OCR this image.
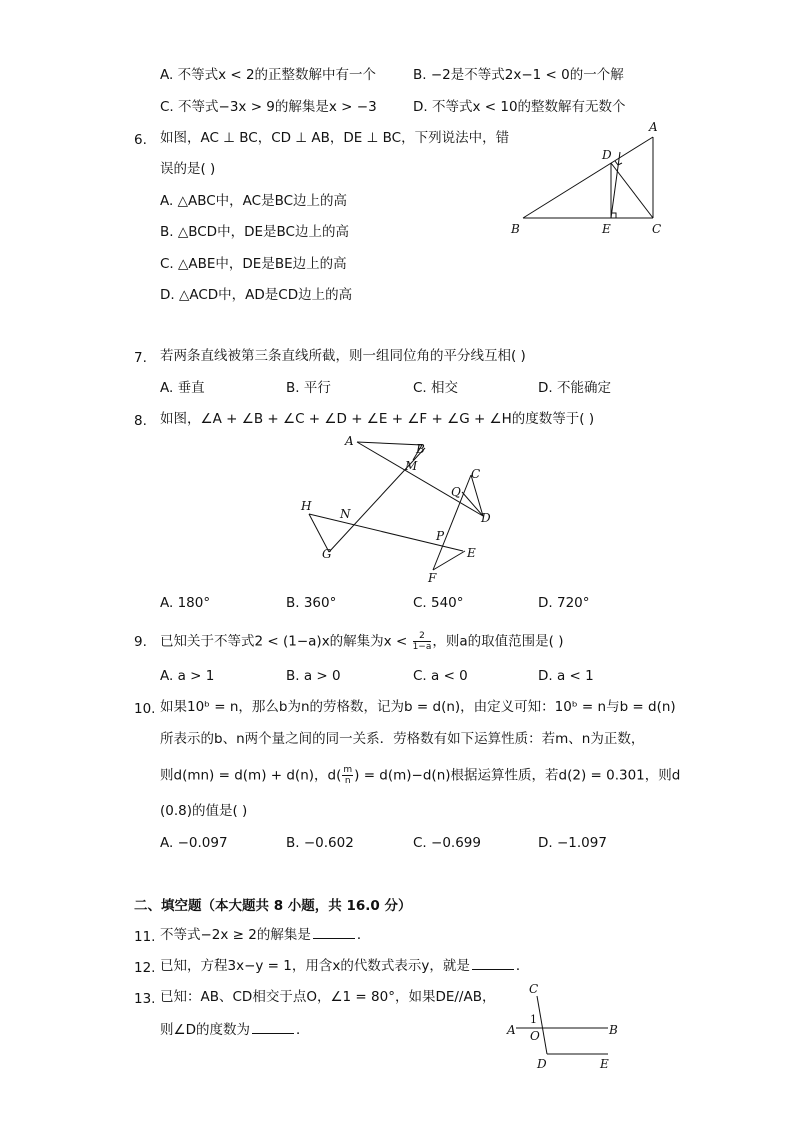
A. 不等式x < 2的正整数解中有一个	B. −2是不等式2x−1 < 0的一个解
C. 不等式−3x > 9的解集是x > −3	D. 不等式x < 10的整数解有无数个
6. 如图，AC ⊥ BC，CD ⊥ AB，DE ⊥ BC，下列说法中，错
误的是( )
A. △ABC中，AC是BC边上的高
B. △BCD中，DE是BC边上的高
C. △ABE中，DE是BE边上的高
D. △ACD中，AD是CD边上的高
A
B	C
D
E
7. 若两条直线被第三条直线所截，则一组同位角的平分线互相( )
A. 垂直	B. 平行	C. 相交	D. 不能确定
8. 如图，∠A + ∠B + ∠C + ∠D + ∠E + ∠F + ∠G + ∠H的度数等于( )
A
B
M
C
Q
D
H
N
P
E
G
F
A. 180°	B. 360°	C. 540°	D. 720°
9. 已知关于不等式2 < (1−a)x的解集为$x < \frac{2}{1-a}$ ，则a的取值范围是( )
A. a > 1	B. a > 0	C. a < 0	D. a < 1
10. 如果10ᵇ = n，那么b为n的劳格数，记为b = d(n)，由定义可知：10ᵇ = n与b = d(n)
所表示的b、n两个量之间的同一关系．劳格数有如下运算性质：若m、n为正数，
则d(mn) = d(m) + d(n)，$d( \frac{m}{n}$ ) = d(m)−d(n)根据运算性质，若d(2) = 0.301，则d
(0.8)的值是( )
A. −0.097	B. −0.602	C. −0.699	D. −1.097
二、填空题（本大题共 8 小题，共 16.0 分）
11. 不等式−2x ≥ 2的解集是	．
12. 已知，方程3x−y = 1，用含x的代数式表示y，就是	．
13. 已知：AB、CD相交于点O，∠1 = 80°，如果DE//AB，
则∠D的度数为	．
C
1
A O	B
D	E
